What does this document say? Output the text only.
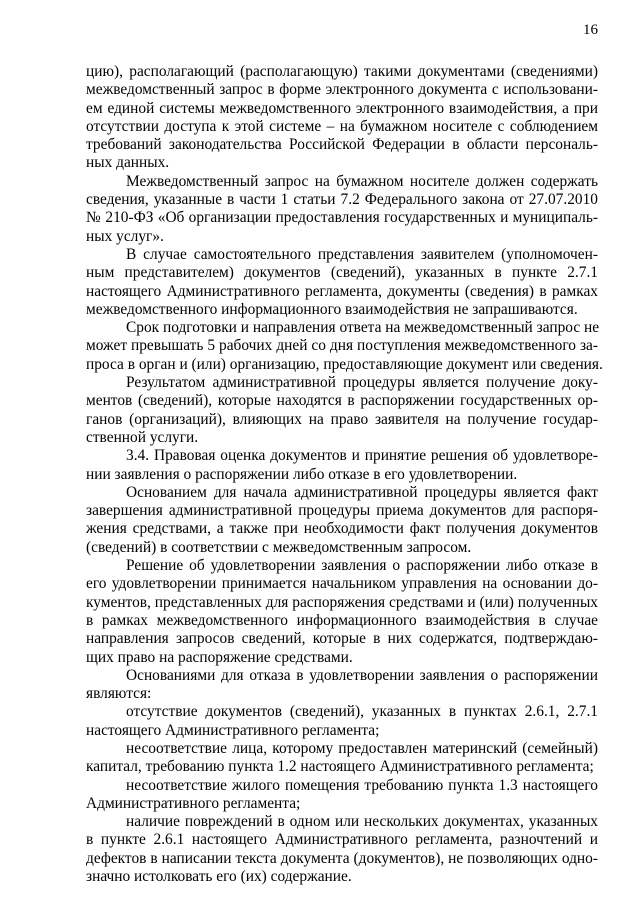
16
цию), располагающий (располагающую) такими документами (сведениями)
межведомственный запрос в форме электронного документа с использовани-
ем единой системы межведомственного электронного взаимодействия, а при
отсутствии доступа к этой системе – на бумажном носителе с соблюдением
требований законодательства Российской Федерации в области персональ-
ных данных.
Межведомственный запрос на бумажном носителе должен содержать
сведения, указанные в части 1 статьи 7.2 Федерального закона от 27.07.2010
№ 210-ФЗ «Об организации предоставления государственных и муниципаль-
ных услуг».
В случае самостоятельного представления заявителем (уполномочен-
ным представителем) документов (сведений), указанных в пункте 2.7.1
настоящего Административного регламента, документы (сведения) в рамках
межведомственного информационного взаимодействия не запрашиваются.
Срок подготовки и направления ответа на межведомственный запрос не
может превышать 5 рабочих дней со дня поступления межведомственного за-
проса в орган и (или) организацию, предоставляющие документ или сведения.
Результатом административной процедуры является получение доку-
ментов (сведений), которые находятся в распоряжении государственных ор-
ганов (организаций), влияющих на право заявителя на получение государ-
ственной услуги.
3.4. Правовая оценка документов и принятие решения об удовлетворе-
нии заявления о распоряжении либо отказе в его удовлетворении.
Основанием для начала административной процедуры является факт
завершения административной процедуры приема документов для распоря-
жения средствами, а также при необходимости факт получения документов
(сведений) в соответствии с межведомственным запросом.
Решение об удовлетворении заявления о распоряжении либо отказе в
его удовлетворении принимается начальником управления на основании до-
кументов, представленных для распоряжения средствами и (или) полученных
в рамках межведомственного информационного взаимодействия в случае
направления запросов сведений, которые в них содержатся, подтверждаю-
щих право на распоряжение средствами.
Основаниями для отказа в удовлетворении заявления о распоряжении
являются:
отсутствие документов (сведений), указанных в пунктах 2.6.1, 2.7.1
настоящего Административного регламента;
несоответствие лица, которому предоставлен материнский (семейный)
капитал, требованию пункта 1.2 настоящего Административного регламента;
несоответствие жилого помещения требованию пункта 1.3 настоящего
Административного регламента;
наличие повреждений в одном или нескольких документах, указанных
в пункте 2.6.1 настоящего Административного регламента, разночтений и
дефектов в написании текста документа (документов), не позволяющих одно-
значно истолковать его (их) содержание.
